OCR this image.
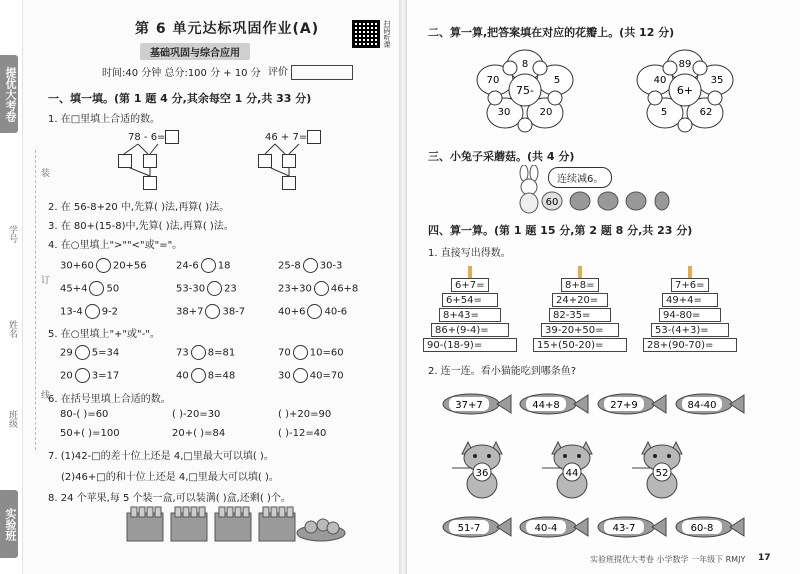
提优大考卷
实验班
学号
姓名
班级
装
订
线
第 6 单元达标巩固作业(A)	扫码听课
基础巩固与综合应用
时间:40 分钟 总分:100 分 + 10 分 评价
一、填一填。(第 1 题 4 分,其余每空 1 分,共 33 分)
1. 在□里填上合适的数。
78 - 6=	46 + 7=
2. 在 56-8+20 中,先算( )法,再算( )法。
3. 在 80+(15-8)中,先算( )法,再算( )法。
4. 在○里填上">""<"或"="。
30+60 20+56	24-6 18	25-8 30-3
45+4 50	53-30 23	23+30 46+8
13-4 9-2	38+7 38-7	40+6 40-6
5. 在○里填上"+"或"-"。
29 5=34	73 8=81	70 10=60
20 3=17	40 8=48	30 40=70
6. 在括号里填上合适的数。
80-( )=60	( )-20=30	( )+20=90
50+( )=100	20+( )=84	( )-12=40
7. (1)42-□的差十位上还是 4,□里最大可以填( )。
(2)46+□的和十位上还是 4,□里最大可以填( )。
8. 24 个苹果,每 5 个装一盒,可以装满( )盒,还剩( )个。
二、算一算,把答案填在对应的花瓣上。(共 12 分)
75-
8
5
20
30
70
6+
40
89
35
62
5
三、小兔子采蘑菇。(共 4 分)
连续减6。
60
四、算一算。(第 1 题 15 分,第 2 题 8 分,共 23 分)
1. 直接写出得数。
6+7=
6+54=
8+43=
86+(9-4)=
90-(18-9)=
8+8=
24+20=
82-35=
39-20+50=
15+(50-20)=
7+6=
49+4=
94-80=
53-(4+3)=
28+(90-70)=
2. 连一连。看小猫能吃到哪条鱼?
37+7	44+8	27+9	84-40
36	44	52
51-7	40-4	43-7	60-8
实验班提优大考卷 小学数学 一年级下 RMJY 17
